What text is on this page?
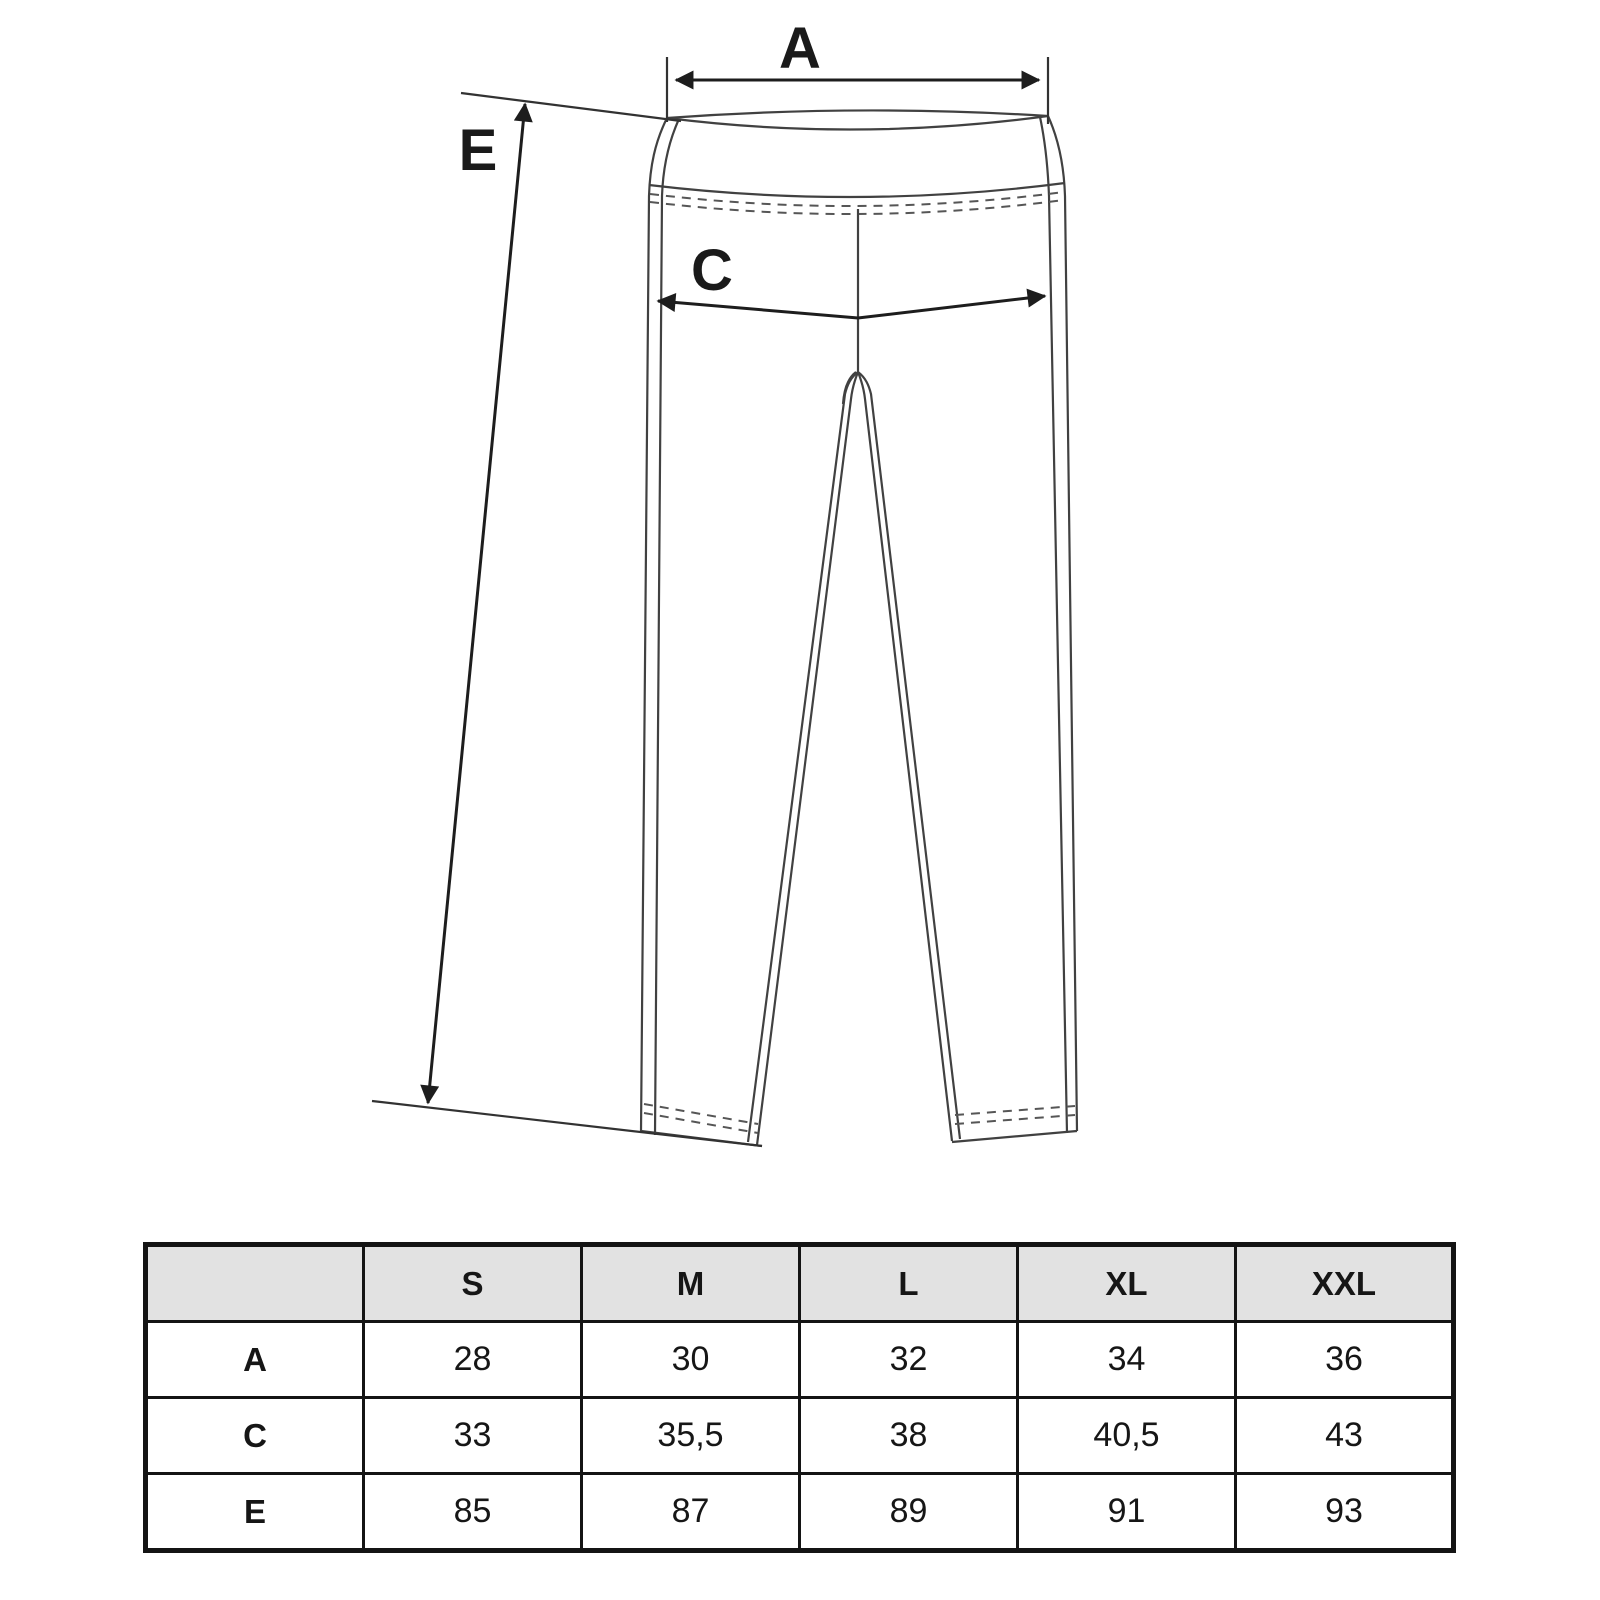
A
C
E
	S	M	L	XL	XXL
A	28	30	32	34	36
C	33	35,5	38	40,5	43
E	85	87	89	91	93
